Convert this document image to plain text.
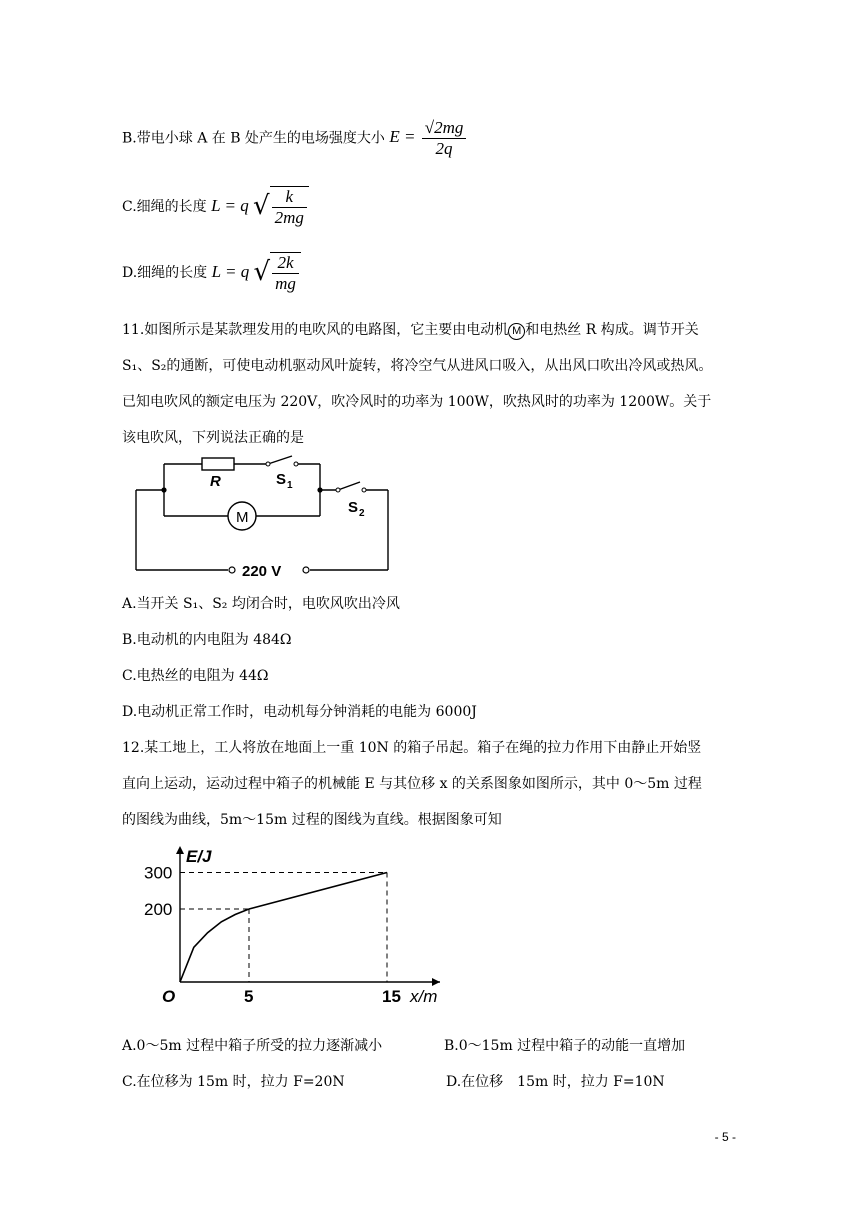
B.带电小球 A 在 B 处产生的电场强度大小 $E = \frac{√2mg}{2q}$
C.细绳的长度 L = q √ $\frac{k}{2mg}$
D.细绳的长度 L = q √ $\frac{2k}{mg}$
11.如图所示是某款理发用的电吹风的电路图，它主要由电动机 M 和电热丝 R 构成。调节开关
S₁、S₂的通断，可使电动机驱动风叶旋转，将冷空气从进风口吸入，从出风口吹出冷风或热风。
已知电吹风的额定电压为 220V，吹冷风时的功率为 100W，吹热风时的功率为 1200W。关于
该电吹风，下列说法正确的是
R	S 1
S 2
M
220 V
A.当开关 S₁、S₂ 均闭合时，电吹风吹出冷风
B.电动机的内电阻为 484Ω
C.电热丝的电阻为 44Ω
D.电动机正常工作时，电动机每分钟消耗的电能为 6000J
12.某工地上，工人将放在地面上一重 10N 的箱子吊起。箱子在绳的拉力作用下由静止开始竖
直向上运动，运动过程中箱子的机械能 E 与其位移 x 的关系图象如图所示，其中 0～5m 过程
的图线为曲线，5m～15m 过程的图线为直线。根据图象可知
5	15
200
300
O
E/J
x/m
A.0～5m 过程中箱子所受的拉力逐渐减小	B.0～15m 过程中箱子的动能一直增加
C.在位移为 15m 时，拉力 F=20N	D.在位移　15m 时，拉力 F=10N
- 5 -
